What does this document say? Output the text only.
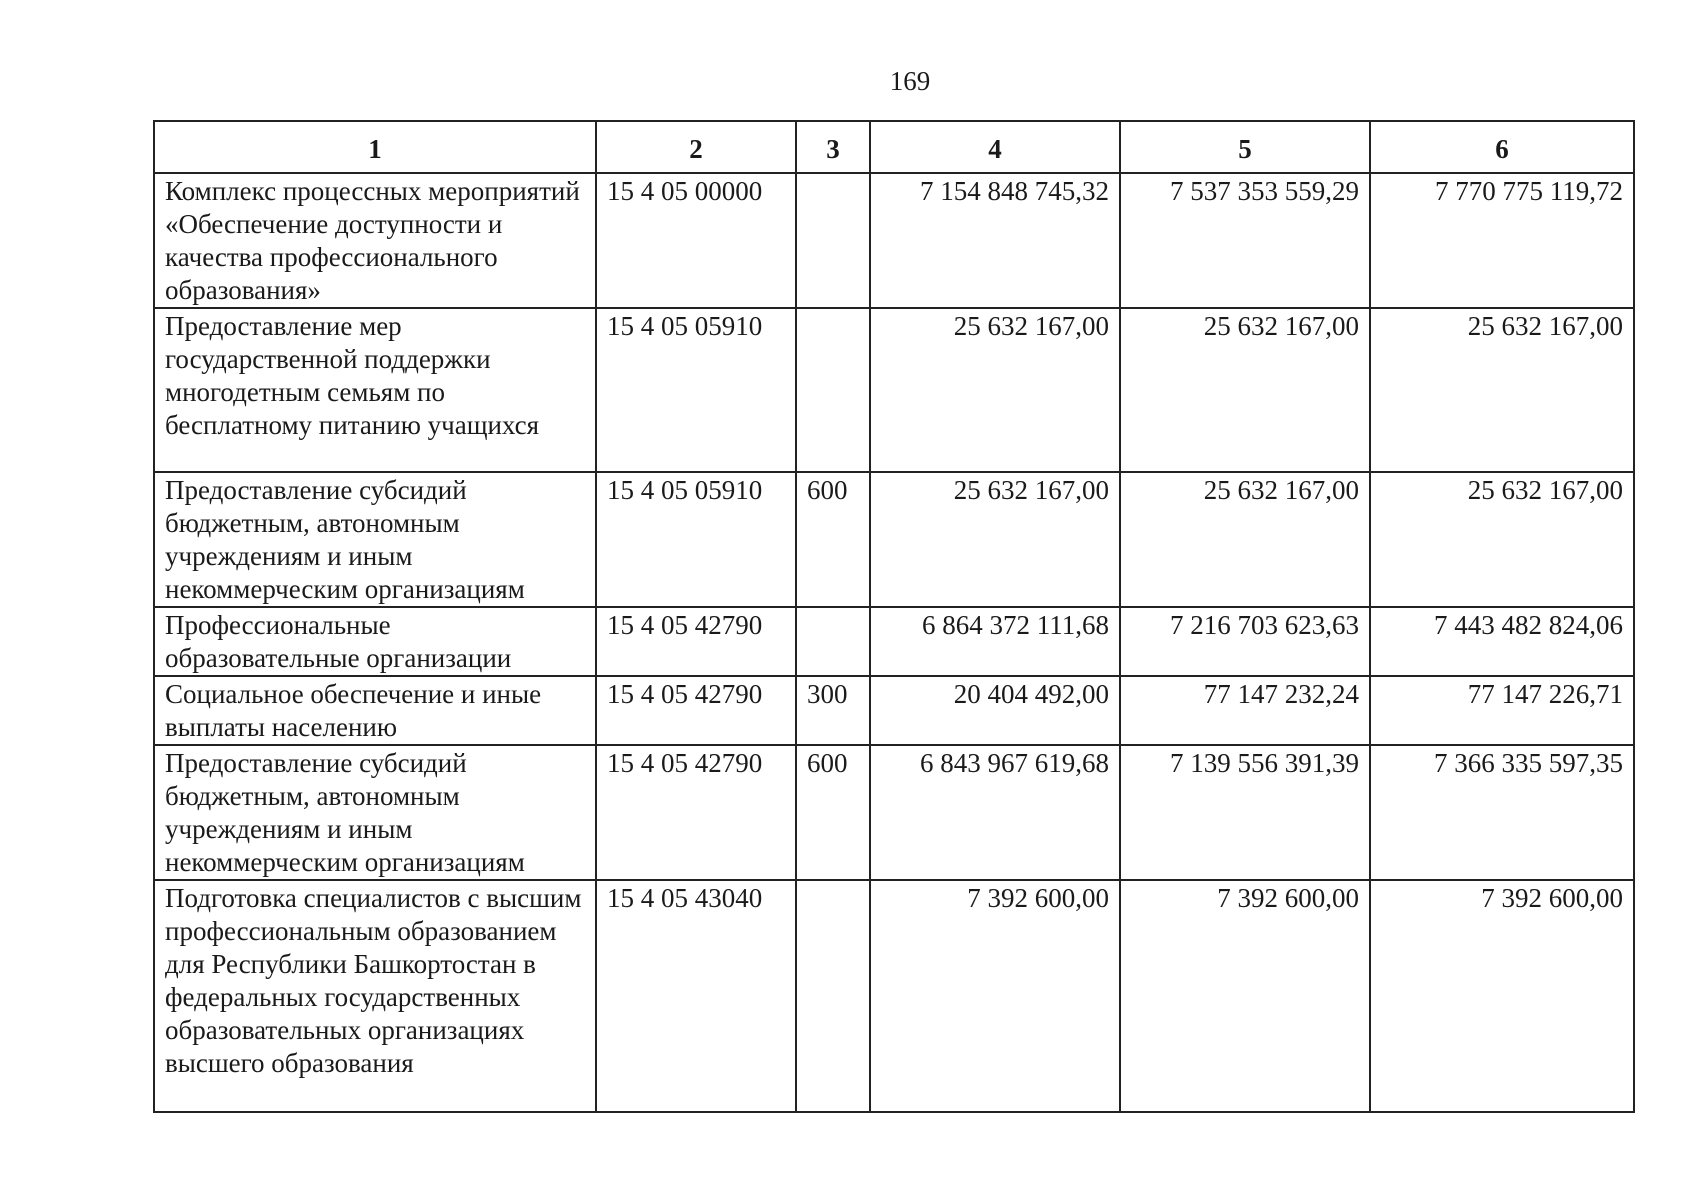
169
1	2	3	4	5	6
Комплекс процессных мероприятий «Обеспечение доступности и качества профессионального образования»	15 4 05 00000		7 154 848 745,32	7 537 353 559,29	7 770 775 119,72
Предоставление мер государственной поддержки многодетным семьям по бесплатному питанию учащихся	15 4 05 05910		25 632 167,00	25 632 167,00	25 632 167,00
Предоставление субсидий бюджетным, автономным учреждениям и иным некоммерческим организациям	15 4 05 05910	600	25 632 167,00	25 632 167,00	25 632 167,00
Профессиональные образовательные организации	15 4 05 42790		6 864 372 111,68	7 216 703 623,63	7 443 482 824,06
Социальное обеспечение и иные выплаты населению	15 4 05 42790	300	20 404 492,00	77 147 232,24	77 147 226,71
Предоставление субсидий бюджетным, автономным учреждениям и иным некоммерческим организациям	15 4 05 42790	600	6 843 967 619,68	7 139 556 391,39	7 366 335 597,35
Подготовка специалистов с высшим профессиональным образованием для Республики Башкортостан в федеральных государственных образовательных организациях высшего образования	15 4 05 43040		7 392 600,00	7 392 600,00	7 392 600,00
